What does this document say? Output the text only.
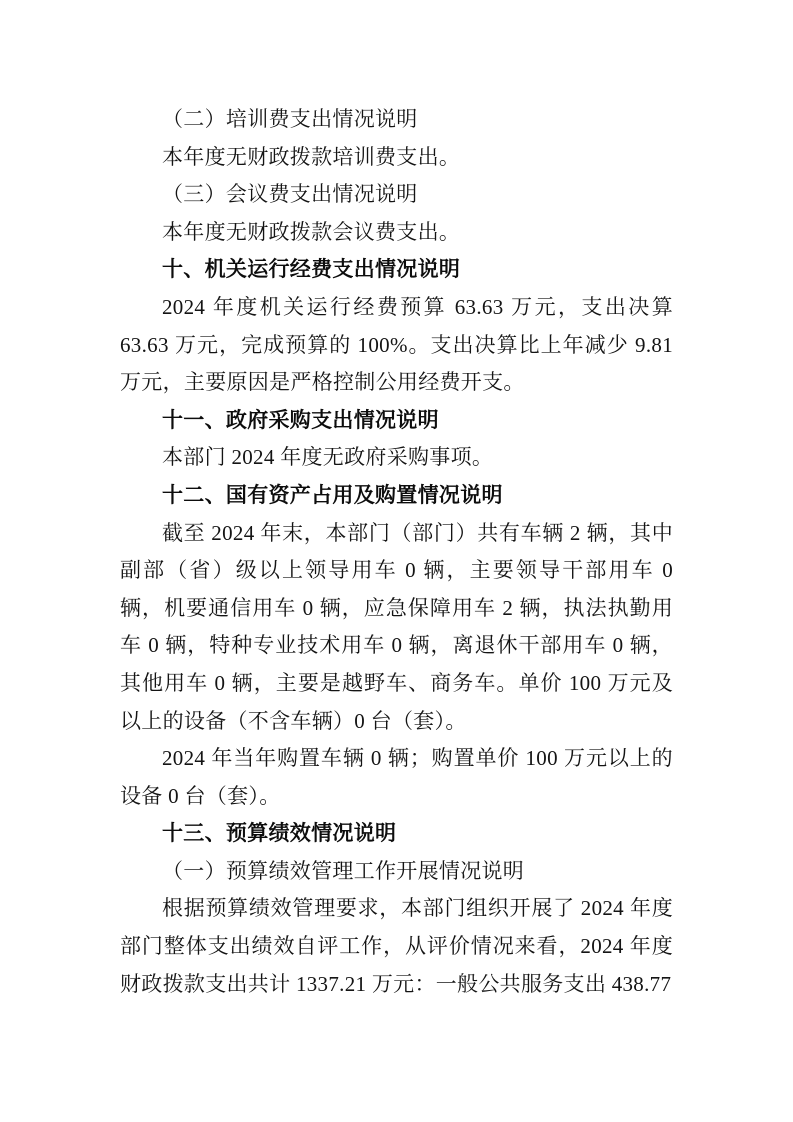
（二）培训费支出情况说明

本年度无财政拨款培训费支出。

（三）会议费支出情况说明

本年度无财政拨款会议费支出。

十、机关运行经费支出情况说明

2024 年度机关运行经费预算 63.63 万元，支出决算 63.63 万元，完成预算的 100%。支出决算比上年减少 9.81 万元，主要原因是严格控制公用经费开支。

十一、政府采购支出情况说明

本部门 2024 年度无政府采购事项。

十二、国有资产占用及购置情况说明

截至 2024 年末，本部门（部门）共有车辆 2 辆，其中副部（省）级以上领导用车 0 辆，主要领导干部用车 0 辆，机要通信用车 0 辆，应急保障用车 2 辆，执法执勤用车 0 辆，特种专业技术用车 0 辆，离退休干部用车 0 辆，其他用车 0 辆，主要是越野车、商务车。单价 100 万元及以上的设备（不含车辆）0 台（套）。

2024 年当年购置车辆 0 辆；购置单价 100 万元以上的设备 0 台（套）。

十三、预算绩效情况说明

（一）预算绩效管理工作开展情况说明

根据预算绩效管理要求，本部门组织开展了 2024 年度部门整体支出绩效自评工作，从评价情况来看，2024 年度财政拨款支出共计 1337.21 万元：一般公共服务支出 438.77
